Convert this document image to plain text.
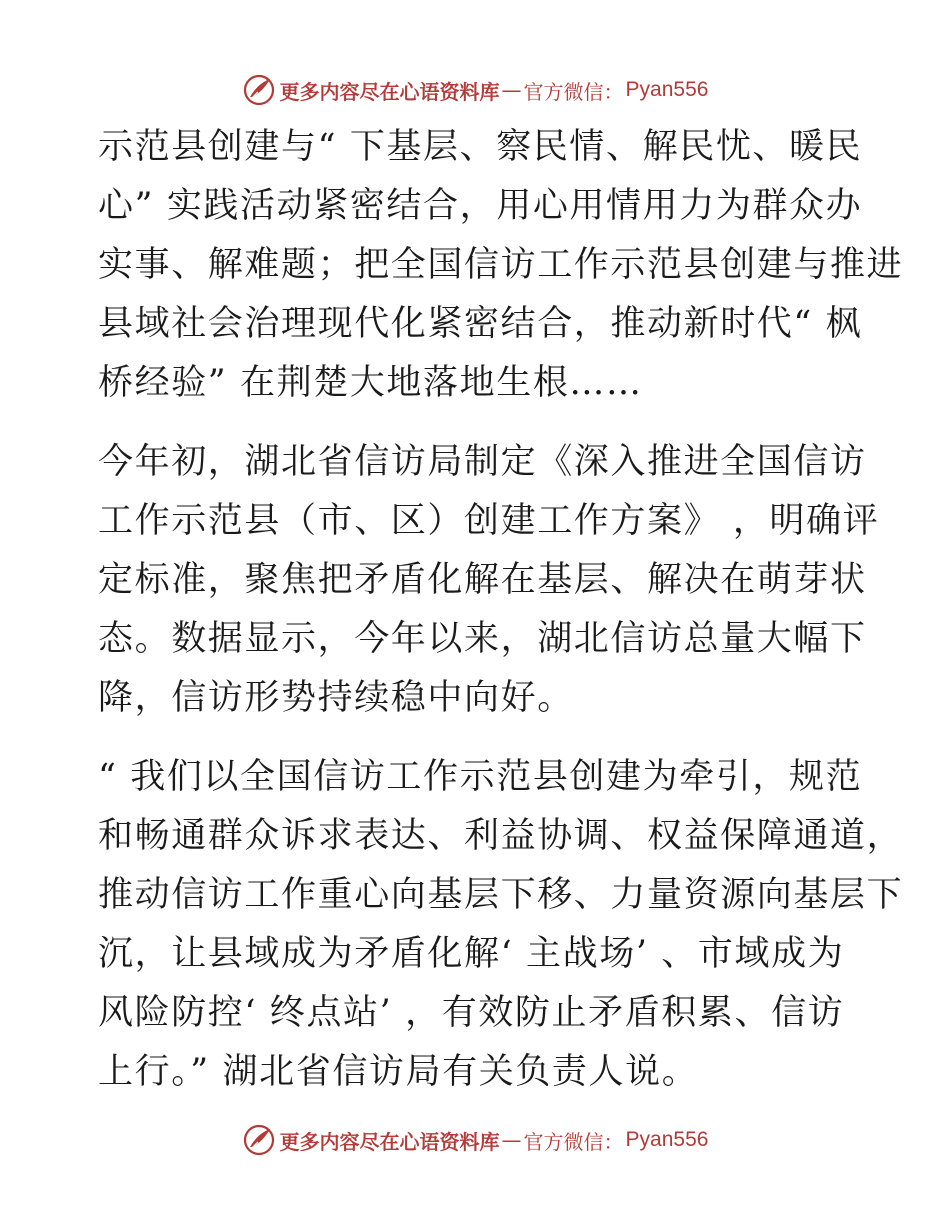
更多内容尽在心语资料库 — 官方微信： Pyan556
示范县创建与“ 下基层、察民情、解民忧、暖民
心” 实践活动紧密结合，用心用情用力为群众办
实事、解难题；把全国信访工作示范县创建与推进
县域社会治理现代化紧密结合，推动新时代“ 枫
桥经验” 在荆楚大地落地生根……
今年初，湖北省信访局制定《深入推进全国信访
工作示范县（市、区）创建工作方案》 ，明确评
定标准，聚焦把矛盾化解在基层、解决在萌芽状
态。数据显示，今年以来，湖北信访总量大幅下
降，信访形势持续稳中向好。
“ 我们以全国信访工作示范县创建为牵引，规范
和畅通群众诉求表达、利益协调、权益保障通道，
推动信访工作重心向基层下移、力量资源向基层下
沉，让县域成为矛盾化解‘ 主战场’ 、市域成为
风险防控‘ 终点站’ ，有效防止矛盾积累、信访
上行。” 湖北省信访局有关负责人说。
更多内容尽在心语资料库 — 官方微信： Pyan556
